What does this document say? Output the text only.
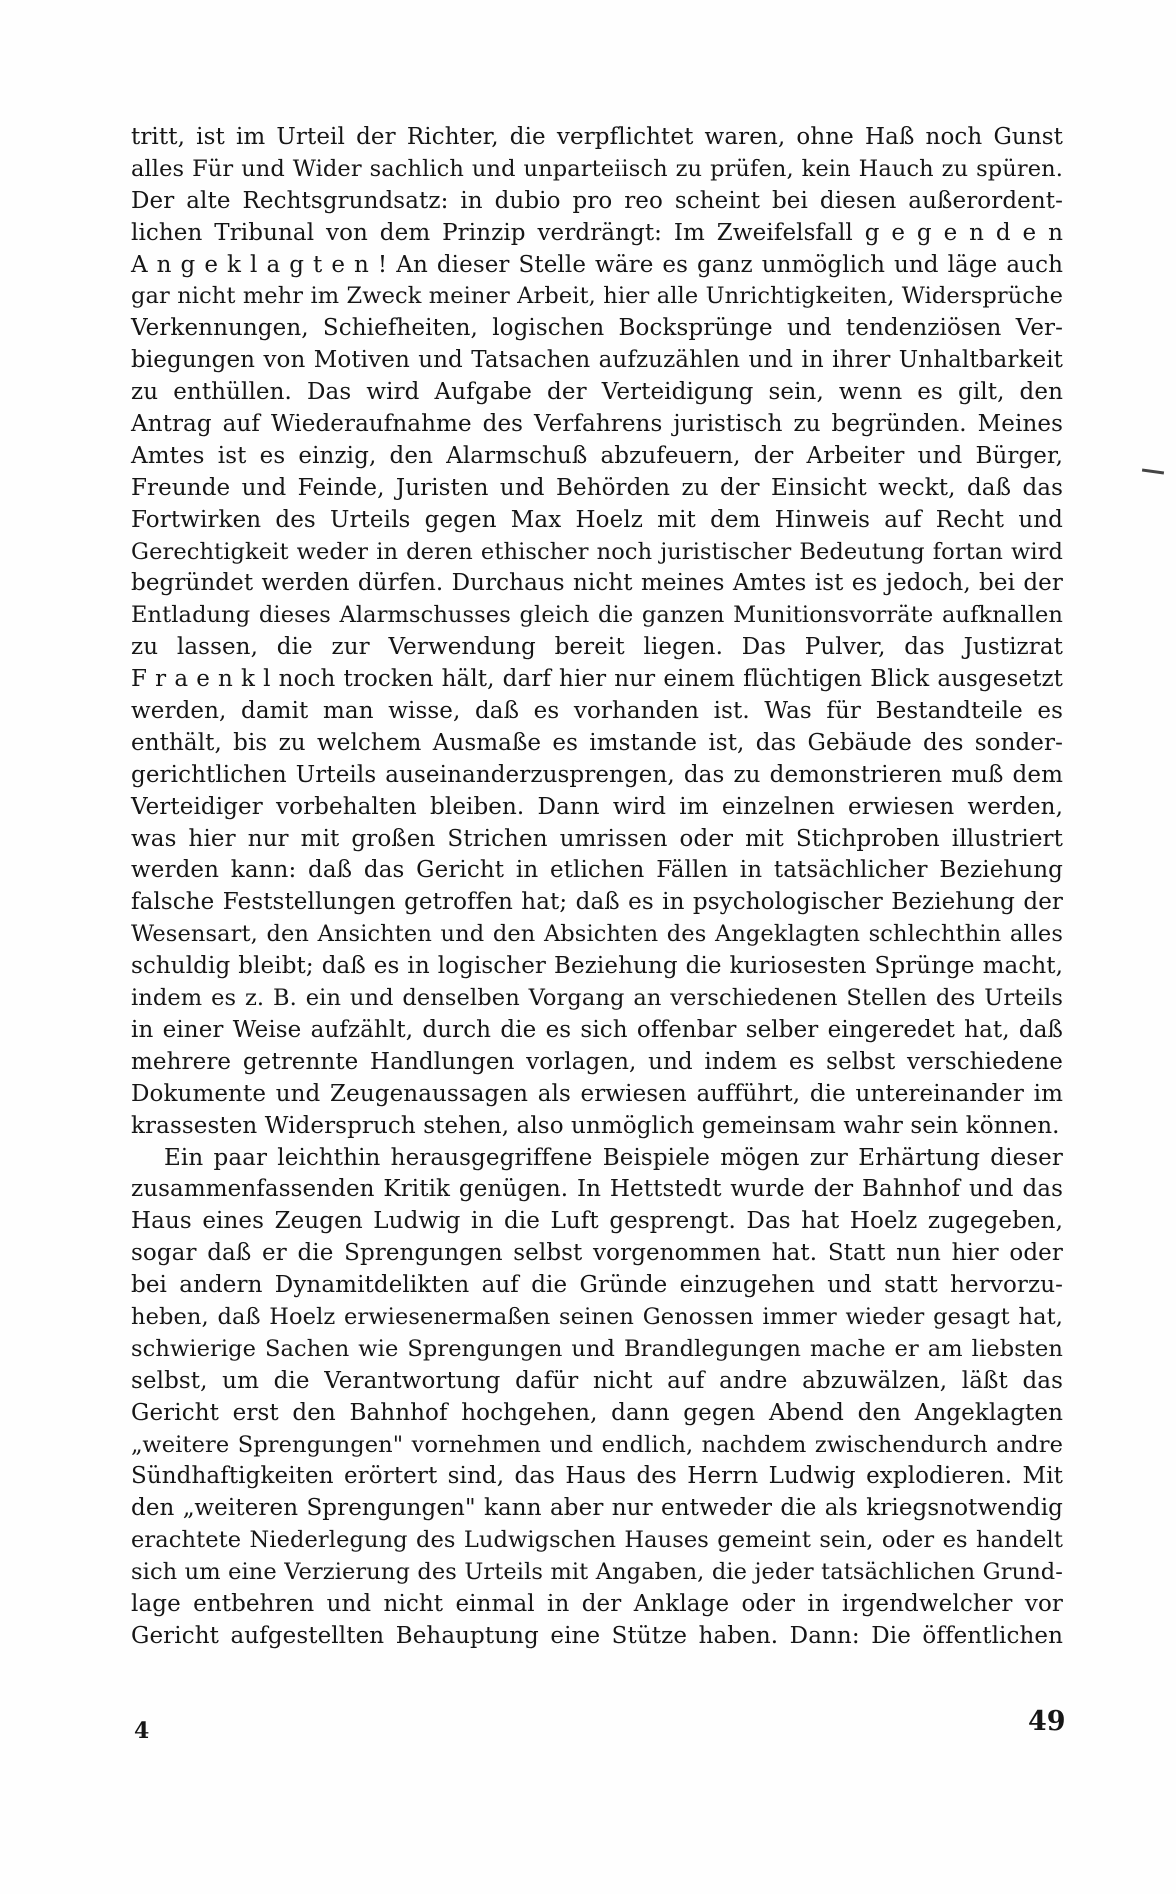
tritt, ist im Urteil der Richter, die verpflichtet waren, ohne Haß noch Gunst
alles Für und Wider sachlich und unparteiisch zu prüfen, kein Hauch zu spüren.
Der alte Rechtsgrundsatz: in dubio pro reo scheint bei diesen außerordent-
lichen Tribunal von dem Prinzip verdrängt: Im Zweifelsfall g e g e n d e n
A n g e k l a g t e n ! An dieser Stelle wäre es ganz unmöglich und läge auch
gar nicht mehr im Zweck meiner Arbeit, hier alle Unrichtigkeiten, Widersprüche
Verkennungen, Schiefheiten, logischen Bocksprünge und tendenziösen Ver-
biegungen von Motiven und Tatsachen aufzuzählen und in ihrer Unhaltbarkeit
zu enthüllen. Das wird Aufgabe der Verteidigung sein, wenn es gilt, den
Antrag auf Wiederaufnahme des Verfahrens juristisch zu begründen. Meines
Amtes ist es einzig, den Alarmschuß abzufeuern, der Arbeiter und Bürger,
Freunde und Feinde, Juristen und Behörden zu der Einsicht weckt, daß das
Fortwirken des Urteils gegen Max Hoelz mit dem Hinweis auf Recht und
Gerechtigkeit weder in deren ethischer noch juristischer Bedeutung fortan wird
begründet werden dürfen. Durchaus nicht meines Amtes ist es jedoch, bei der
Entladung dieses Alarmschusses gleich die ganzen Munitionsvorräte aufknallen
zu lassen, die zur Verwendung bereit liegen. Das Pulver, das Justizrat
F r a e n k l noch trocken hält, darf hier nur einem flüchtigen Blick ausgesetzt
werden, damit man wisse, daß es vorhanden ist. Was für Bestandteile es
enthält, bis zu welchem Ausmaße es imstande ist, das Gebäude des sonder-
gerichtlichen Urteils auseinanderzusprengen, das zu demonstrieren muß dem
Verteidiger vorbehalten bleiben. Dann wird im einzelnen erwiesen werden,
was hier nur mit großen Strichen umrissen oder mit Stichproben illustriert
werden kann: daß das Gericht in etlichen Fällen in tatsächlicher Beziehung
falsche Feststellungen getroffen hat; daß es in psychologischer Beziehung der
Wesensart, den Ansichten und den Absichten des Angeklagten schlechthin alles
schuldig bleibt; daß es in logischer Beziehung die kuriosesten Sprünge macht,
indem es z. B. ein und denselben Vorgang an verschiedenen Stellen des Urteils
in einer Weise aufzählt, durch die es sich offenbar selber eingeredet hat, daß
mehrere getrennte Handlungen vorlagen, und indem es selbst verschiedene
Dokumente und Zeugenaussagen als erwiesen aufführt, die untereinander im
krassesten Widerspruch stehen, also unmöglich gemeinsam wahr sein können.
Ein paar leichthin herausgegriffene Beispiele mögen zur Erhärtung dieser
zusammenfassenden Kritik genügen. In Hettstedt wurde der Bahnhof und das
Haus eines Zeugen Ludwig in die Luft gesprengt. Das hat Hoelz zugegeben,
sogar daß er die Sprengungen selbst vorgenommen hat. Statt nun hier oder
bei andern Dynamitdelikten auf die Gründe einzugehen und statt hervorzu-
heben, daß Hoelz erwiesenermaßen seinen Genossen immer wieder gesagt hat,
schwierige Sachen wie Sprengungen und Brandlegungen mache er am liebsten
selbst, um die Verantwortung dafür nicht auf andre abzuwälzen, läßt das
Gericht erst den Bahnhof hochgehen, dann gegen Abend den Angeklagten
„weitere Sprengungen" vornehmen und endlich, nachdem zwischendurch andre
Sündhaftigkeiten erörtert sind, das Haus des Herrn Ludwig explodieren. Mit
den „weiteren Sprengungen" kann aber nur entweder die als kriegsnotwendig
erachtete Niederlegung des Ludwigschen Hauses gemeint sein, oder es handelt
sich um eine Verzierung des Urteils mit Angaben, die jeder tatsächlichen Grund-
lage entbehren und nicht einmal in der Anklage oder in irgendwelcher vor
Gericht aufgestellten Behauptung eine Stütze haben. Dann: Die öffentlichen
4	49
